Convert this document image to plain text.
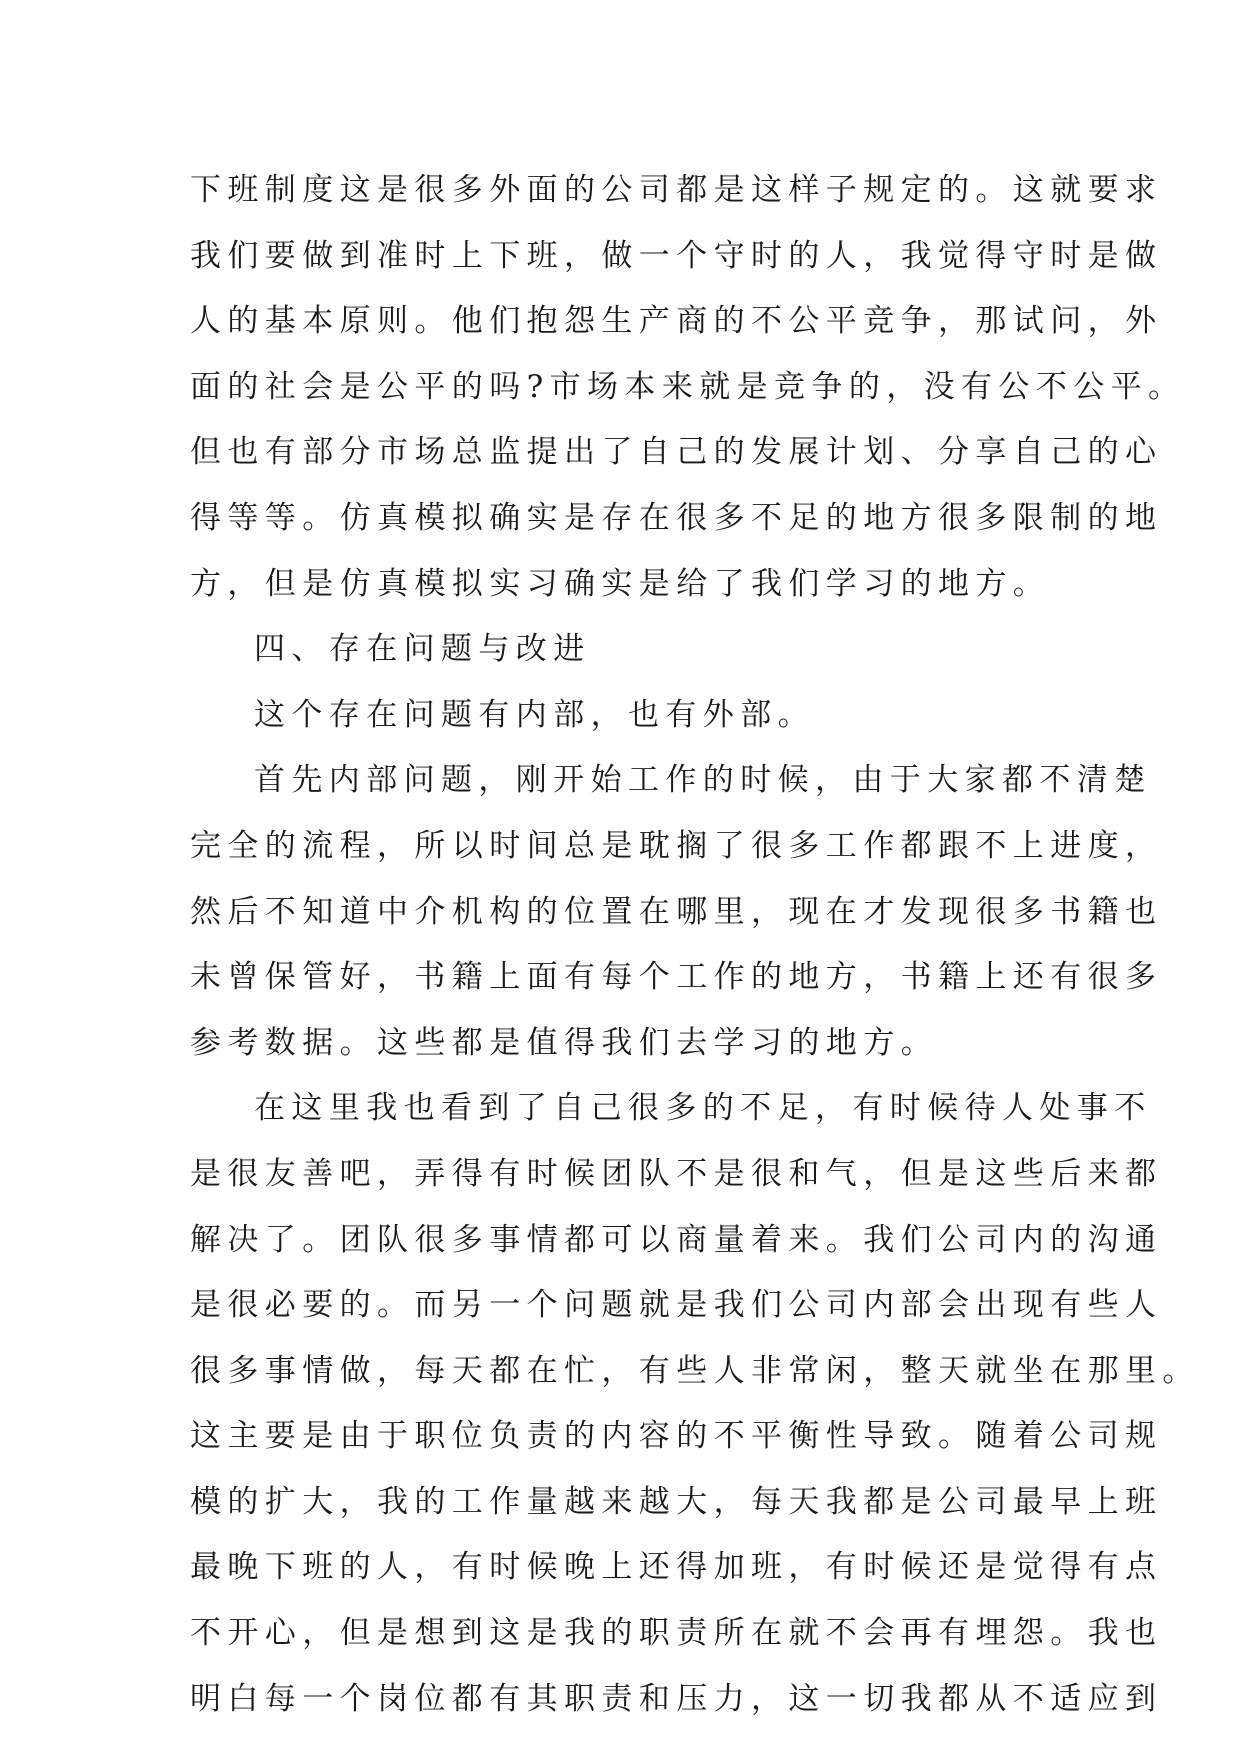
下班制度这是很多外面的公司都是这样子规定的。这就要求
我们要做到准时上下班，做一个守时的人，我觉得守时是做
人的基本原则。他们抱怨生产商的不公平竞争，那试问，外
面的社会是公平的吗?市场本来就是竞争的，没有公不公平。
但也有部分市场总监提出了自己的发展计划、分享自己的心
得等等。仿真模拟确实是存在很多不足的地方很多限制的地
方，但是仿真模拟实习确实是给了我们学习的地方。
四、存在问题与改进
这个存在问题有内部，也有外部。
首先内部问题，刚开始工作的时候，由于大家都不清楚
完全的流程，所以时间总是耽搁了很多工作都跟不上进度，
然后不知道中介机构的位置在哪里，现在才发现很多书籍也
未曾保管好，书籍上面有每个工作的地方，书籍上还有很多
参考数据。这些都是值得我们去学习的地方。
在这里我也看到了自己很多的不足，有时候待人处事不
是很友善吧，弄得有时候团队不是很和气，但是这些后来都
解决了。团队很多事情都可以商量着来。我们公司内的沟通
是很必要的。而另一个问题就是我们公司内部会出现有些人
很多事情做，每天都在忙，有些人非常闲，整天就坐在那里。
这主要是由于职位负责的内容的不平衡性导致。随着公司规
模的扩大，我的工作量越来越大，每天我都是公司最早上班
最晚下班的人，有时候晚上还得加班，有时候还是觉得有点
不开心，但是想到这是我的职责所在就不会再有埋怨。我也
明白每一个岗位都有其职责和压力，这一切我都从不适应到
